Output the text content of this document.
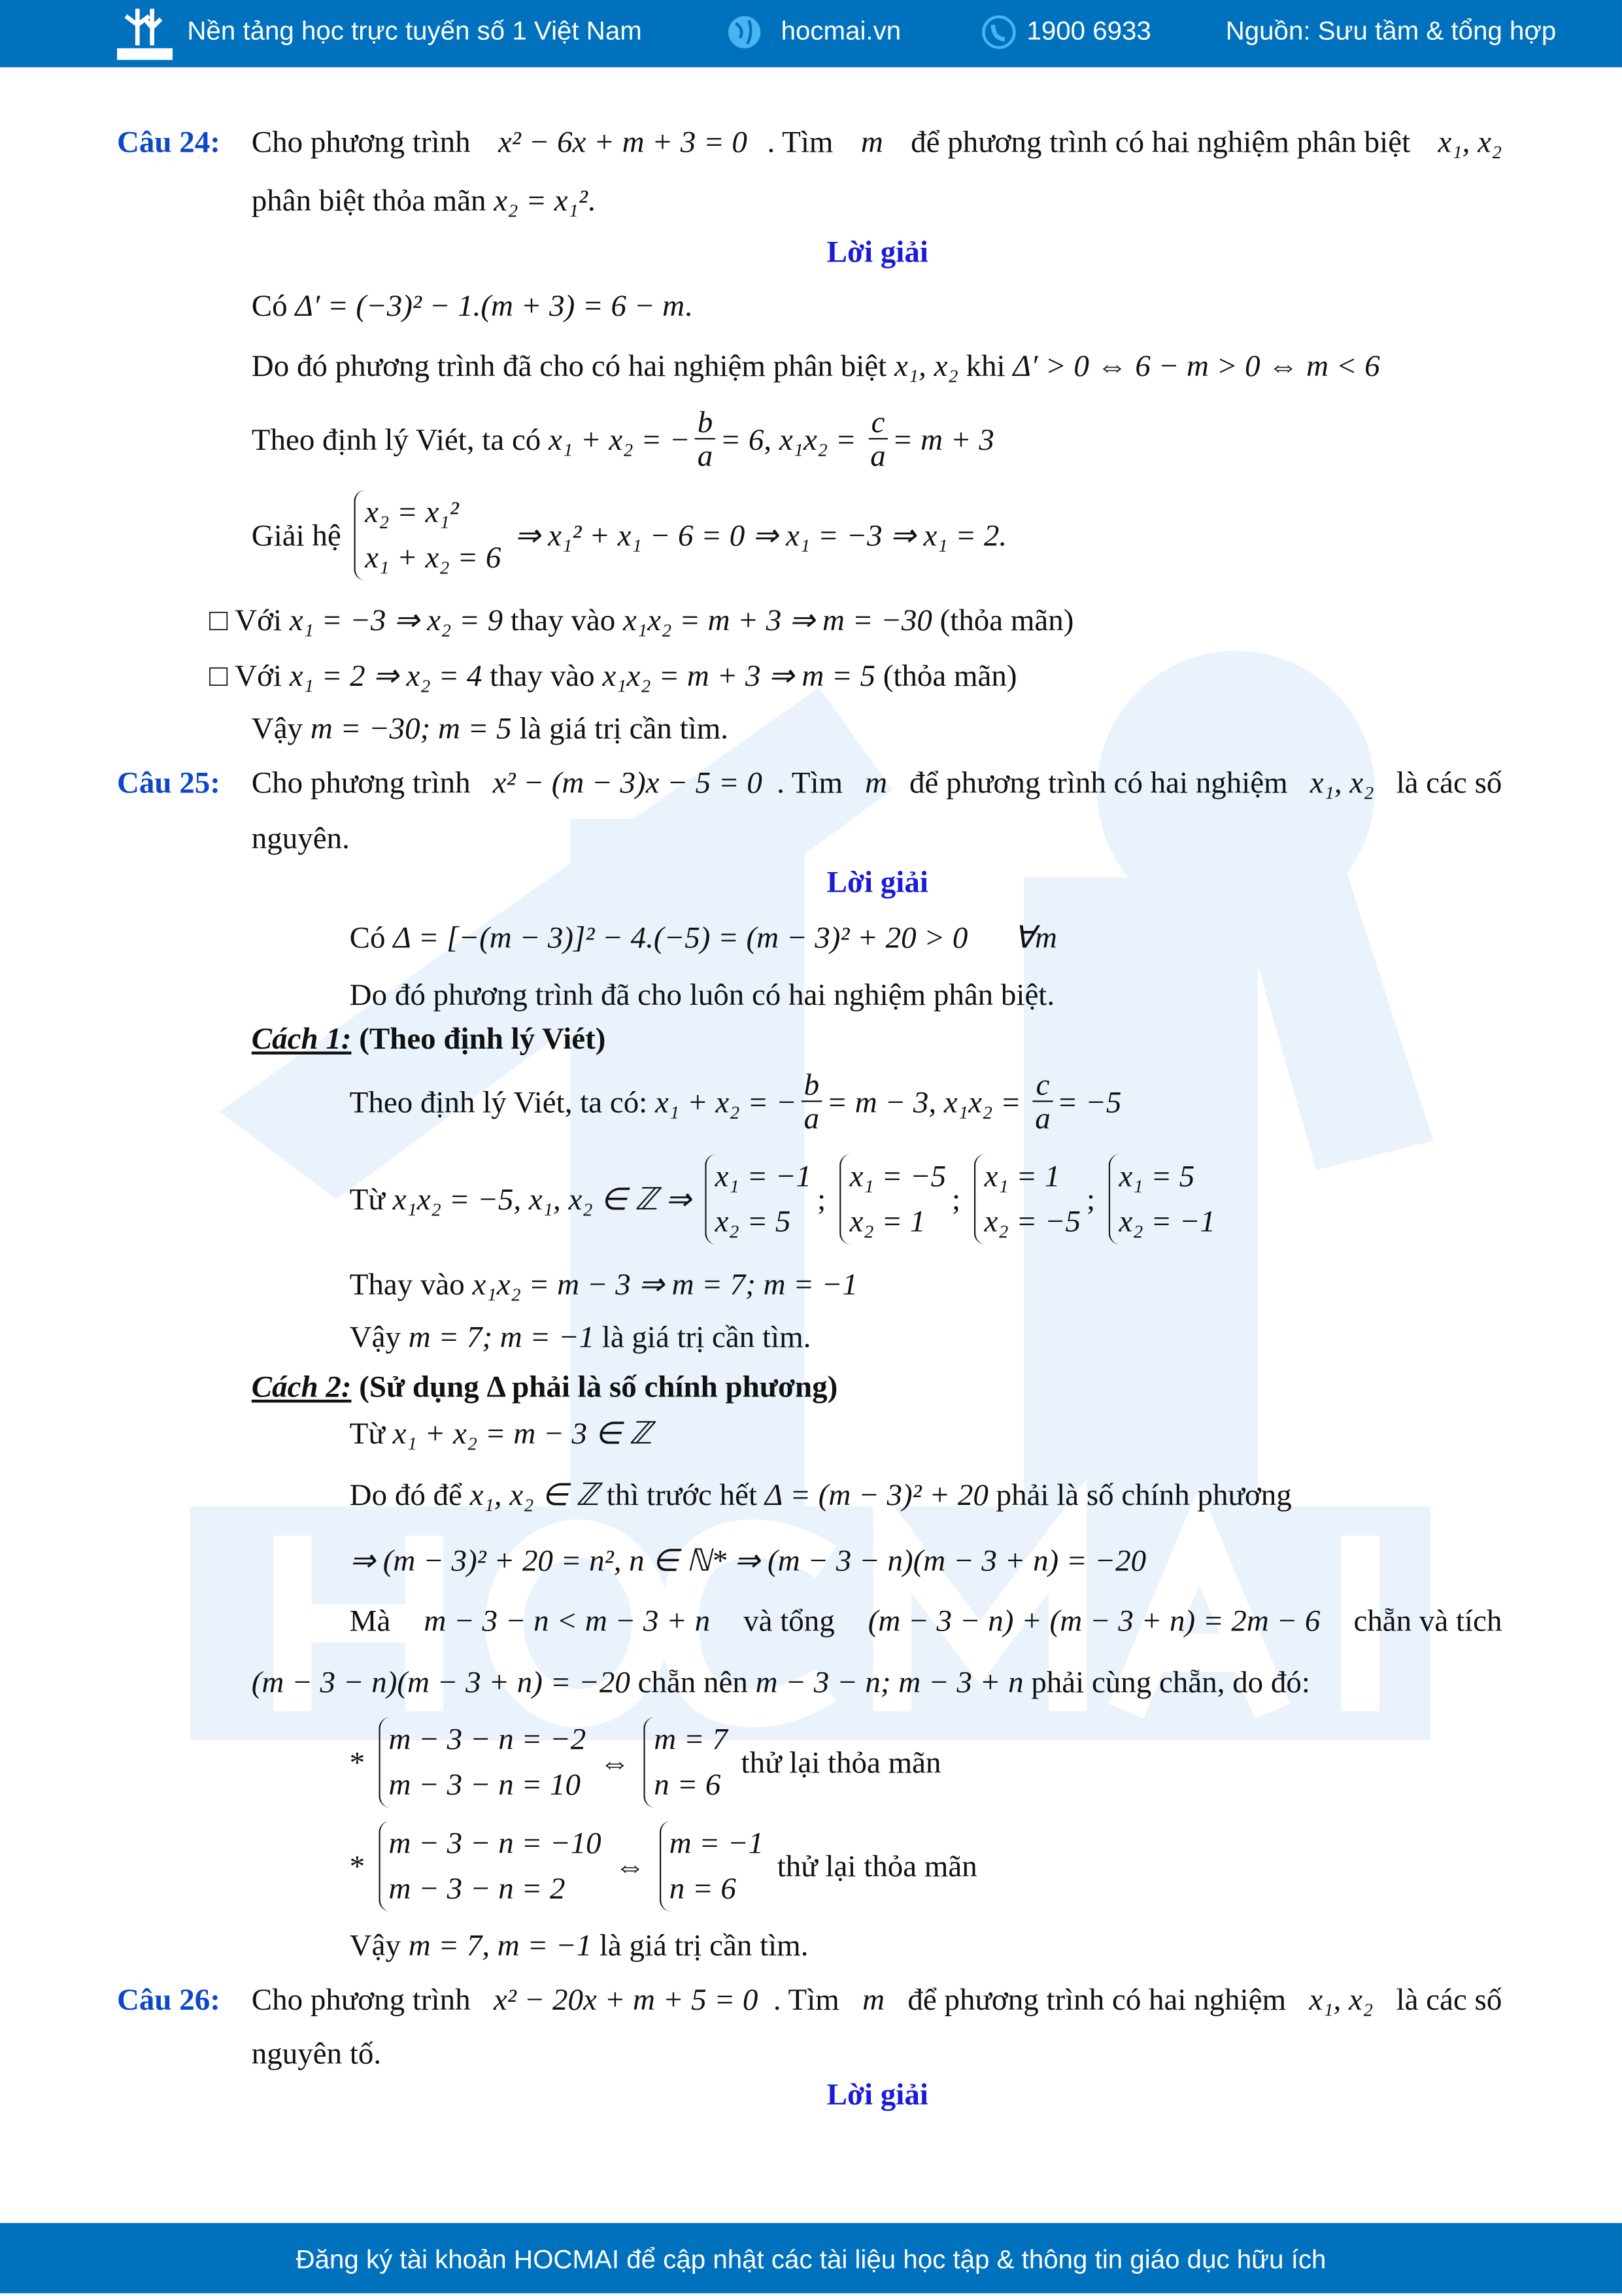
Nền tảng học trực tuyến số 1 Việt Nam	hocmai.vn	1900 6933	Nguồn: Sưu tầm & tổng hợp
Câu 24:
Câu 25:
Câu 26:
Cho phương trình x² − 6x + m + 3 = 0 . Tìm m để phương trình có hai nghiệm phân biệt x₁, x₂
phân biệt thỏa mãn x₂ = x₁² .
Lời giải
Có Δ′ = (−3)² − 1.(m + 3) = 6 − m .
Do đó phương trình đã cho có hai nghiệm phân biệt x₁, x₂ khi Δ′ > 0 ⇔ 6 − m > 0 ⇔ m < 6
Theo định lý Viét, ta có x₁ + x₂ = − $\frac{b}{a} = 6$ , $x_1x_2 = \frac{c}{a} = m + 3$
Giải hệ
x₂ = x₁²
x₁ + x₂ = 6
⇒ x₁² + x₁ − 6 = 0 ⇒ x₁ = −3 ⇒ x₁ = 2.
□ Với x₁ = −3 ⇒ x₂ = 9 thay vào x₁x₂ = m + 3 ⇒ m = −30 (thỏa mãn)
□ Với x₁ = 2 ⇒ x₂ = 4 thay vào x₁x₂ = m + 3 ⇒ m = 5 (thỏa mãn)
Vậy m = −30; m = 5 là giá trị cần tìm.
Cho phương trình x² − (m − 3)x − 5 = 0 . Tìm m để phương trình có hai nghiệm x₁, x₂ là các số
nguyên.
Lời giải
Có Δ = [−(m − 3)]² − 4.(−5) = (m − 3)² + 20 > 0      ∀m
Do đó phương trình đã cho luôn có hai nghiệm phân biệt.
Cách 1: (Theo định lý Viét)
Theo định lý Viét, ta có: x₁ + x₂ = − $\frac{b}{a} = m - 3$, $x_1x_2 = \frac{c}{a} = -5$
Từ x₁x₂ = −5, x₁, x₂ ∈ ℤ ⇒
x₁ = −1
x₂ = 5
;
x₁ = −5
x₂ = 1
;
x₁ = 1
x₂ = −5
;
x₁ = 5
x₂ = −1
Thay vào x₁x₂ = m − 3 ⇒ m = 7; m = −1
Vậy m = 7; m = −1 là giá trị cần tìm.
Cách 2: (Sử dụng Δ phải là số chính phương)
Từ x₁ + x₂ = m − 3 ∈ ℤ
Do đó để x₁, x₂ ∈ ℤ thì trước hết Δ = (m − 3)² + 20 phải là số chính phương
⇒ (m − 3)² + 20 = n², n ∈ ℕ* ⇒ (m − 3 − n)(m − 3 + n) = −20
Mà m − 3 − n < m − 3 + n và tổng (m − 3 − n) + (m − 3 + n) = 2m − 6 chẵn và tích
(m − 3 − n)(m − 3 + n) = −20 chẵn nên m − 3 − n; m − 3 + n phải cùng chẵn, do đó:
*
m − 3 − n = −2
m − 3 − n = 10
⇔
m = 7
n = 6
thử lại thỏa mãn
*
m − 3 − n = −10
m − 3 − n = 2
⇔
m = −1
n = 6
thử lại thỏa mãn
Vậy m = 7, m = −1 là giá trị cần tìm.
Cho phương trình x² − 20x + m + 5 = 0 . Tìm m để phương trình có hai nghiệm x₁, x₂ là các số
nguyên tố.
Lời giải
Đăng ký tài khoản HOCMAI để cập nhật các tài liệu học tập & thông tin giáo dục hữu ích
